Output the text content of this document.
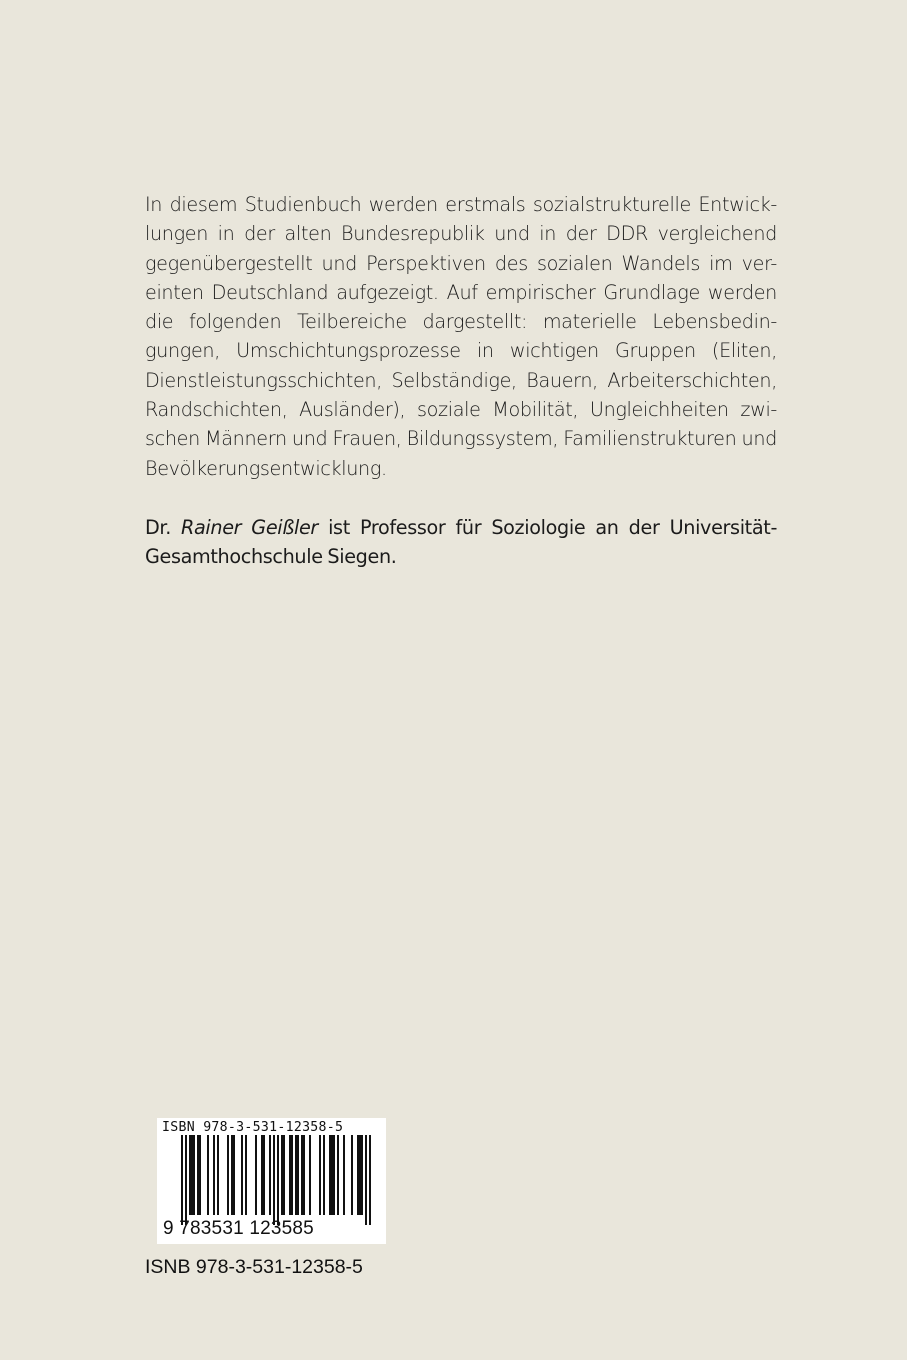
In diesem Studienbuch werden erstmals sozialstrukturelle Entwick-
lungen in der alten Bundesrepublik und in der DDR vergleichend
gegenübergestellt und Perspektiven des sozialen Wandels im ver-
einten Deutschland aufgezeigt. Auf empirischer Grundlage werden
die folgenden Teilbereiche dargestellt: materielle Lebensbedin-
gungen, Umschichtungsprozesse in wichtigen Gruppen (Eliten,
Dienstleistungsschichten, Selbständige, Bauern, Arbeiterschichten,
Randschichten, Ausländer), soziale Mobilität, Ungleichheiten zwi-
schen Männern und Frauen, Bildungssystem, Familienstrukturen und
Bevölkerungsentwicklung.
Dr. Rainer Geißler ist Professor für Soziologie an der Universität-
Gesamthochschule Siegen.
ISBN 978-3-531-12358-5
9 783531 123585
ISNB 978-3-531-12358-5
